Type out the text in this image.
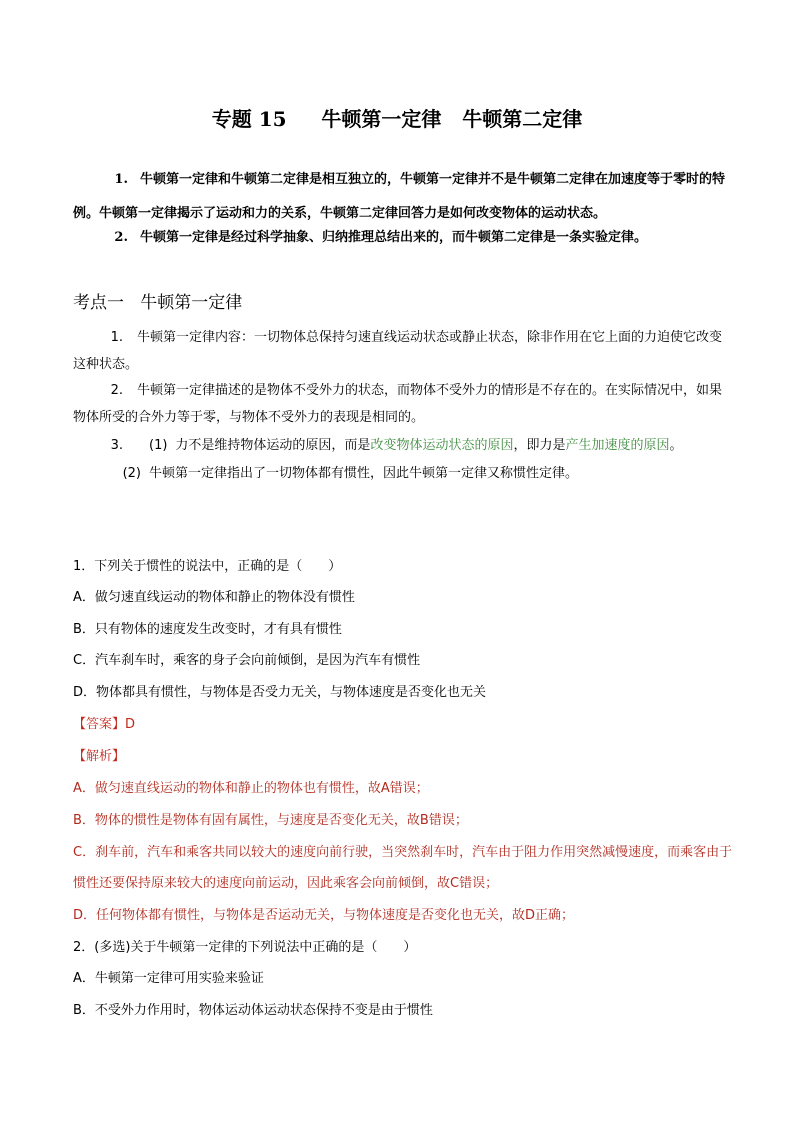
专题 15     牛顿第一定律   牛顿第二定律
1. 牛顿第一定律和牛顿第二定律是相互独立的，牛顿第一定律并不是牛顿第二定律在加速度等于零时的特例。牛顿第一定律揭示了运动和力的关系，牛顿第二定律回答力是如何改变物体的运动状态。
2. 牛顿第一定律是经过科学抽象、归纳推理总结出来的，而牛顿第二定律是一条实验定律。
考点一   牛顿第一定律
1. 牛顿第一定律内容：一切物体总保持匀速直线运动状态或静止状态，除非作用在它上面的力迫使它改变这种状态。
2. 牛顿第一定律描述的是物体不受外力的状态，而物体不受外力的情形是不存在的。在实际情况中，如果物体所受的合外力等于零，与物体不受外力的表现是相同的。
3. (1) 力不是维持物体运动的原因，而是改变物体运动状态的原因，即力是产生加速度的原因。
(2) 牛顿第一定律指出了一切物体都有惯性，因此牛顿第一定律又称惯性定律。
1．下列关于惯性的说法中，正确的是（　　）
A．做匀速直线运动的物体和静止的物体没有惯性
B．只有物体的速度发生改变时，才有具有惯性
C．汽车刹车时，乘客的身子会向前倾倒，是因为汽车有惯性
D．物体都具有惯性，与物体是否受力无关，与物体速度是否变化也无关
【答案】D
【解析】
A．做匀速直线运动的物体和静止的物体也有惯性，故A错误；
B．物体的惯性是物体有固有属性，与速度是否变化无关，故B错误；
C．刹车前，汽车和乘客共同以较大的速度向前行驶，当突然刹车时，汽车由于阻力作用突然减慢速度，而乘客由于惯性还要保持原来较大的速度向前运动，因此乘客会向前倾倒，故C错误；
D．任何物体都有惯性，与物体是否运动无关，与物体速度是否变化也无关，故D正确；
2．(多选)关于牛顿第一定律的下列说法中正确的是（　　）
A．牛顿第一定律可用实验来验证
B．不受外力作用时，物体运动体运动状态保持不变是由于惯性
